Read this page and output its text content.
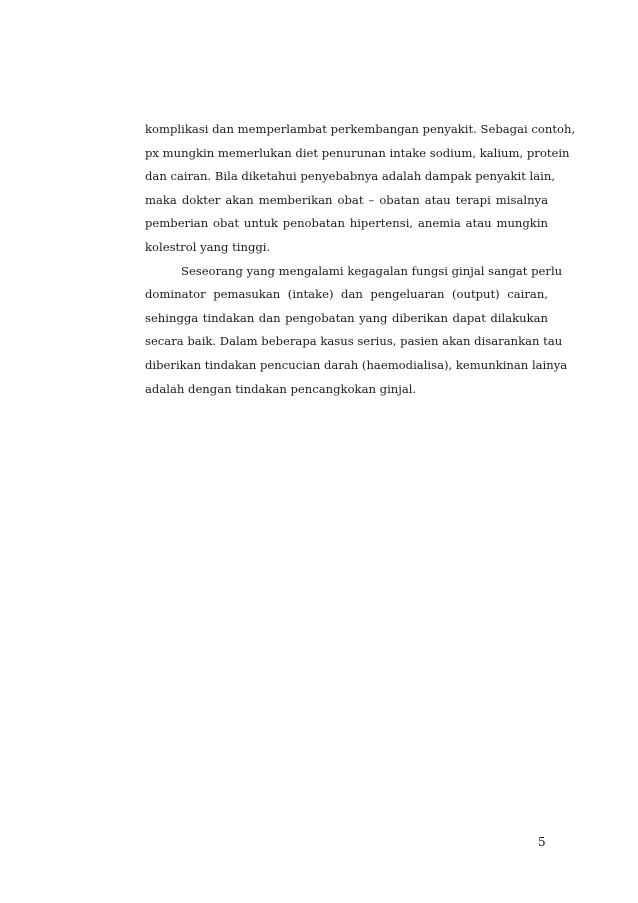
komplikasi dan memperlambat perkembangan penyakit. Sebagai contoh,
px mungkin memerlukan diet penurunan intake sodium, kalium, protein
dan cairan. Bila diketahui penyebabnya adalah dampak penyakit lain,
maka dokter akan memberikan obat – obatan atau terapi misalnya
pemberian obat untuk penobatan hipertensi, anemia atau mungkin
kolestrol yang tinggi.
Seseorang yang mengalami kegagalan fungsi ginjal sangat perlu
dominator pemasukan (intake) dan pengeluaran (output) cairan,
sehingga tindakan dan pengobatan yang diberikan dapat dilakukan
secara baik. Dalam beberapa kasus serius, pasien akan disarankan tau
diberikan tindakan pencucian darah (haemodialisa), kemunkinan lainya
adalah dengan tindakan pencangkokan ginjal.
5
